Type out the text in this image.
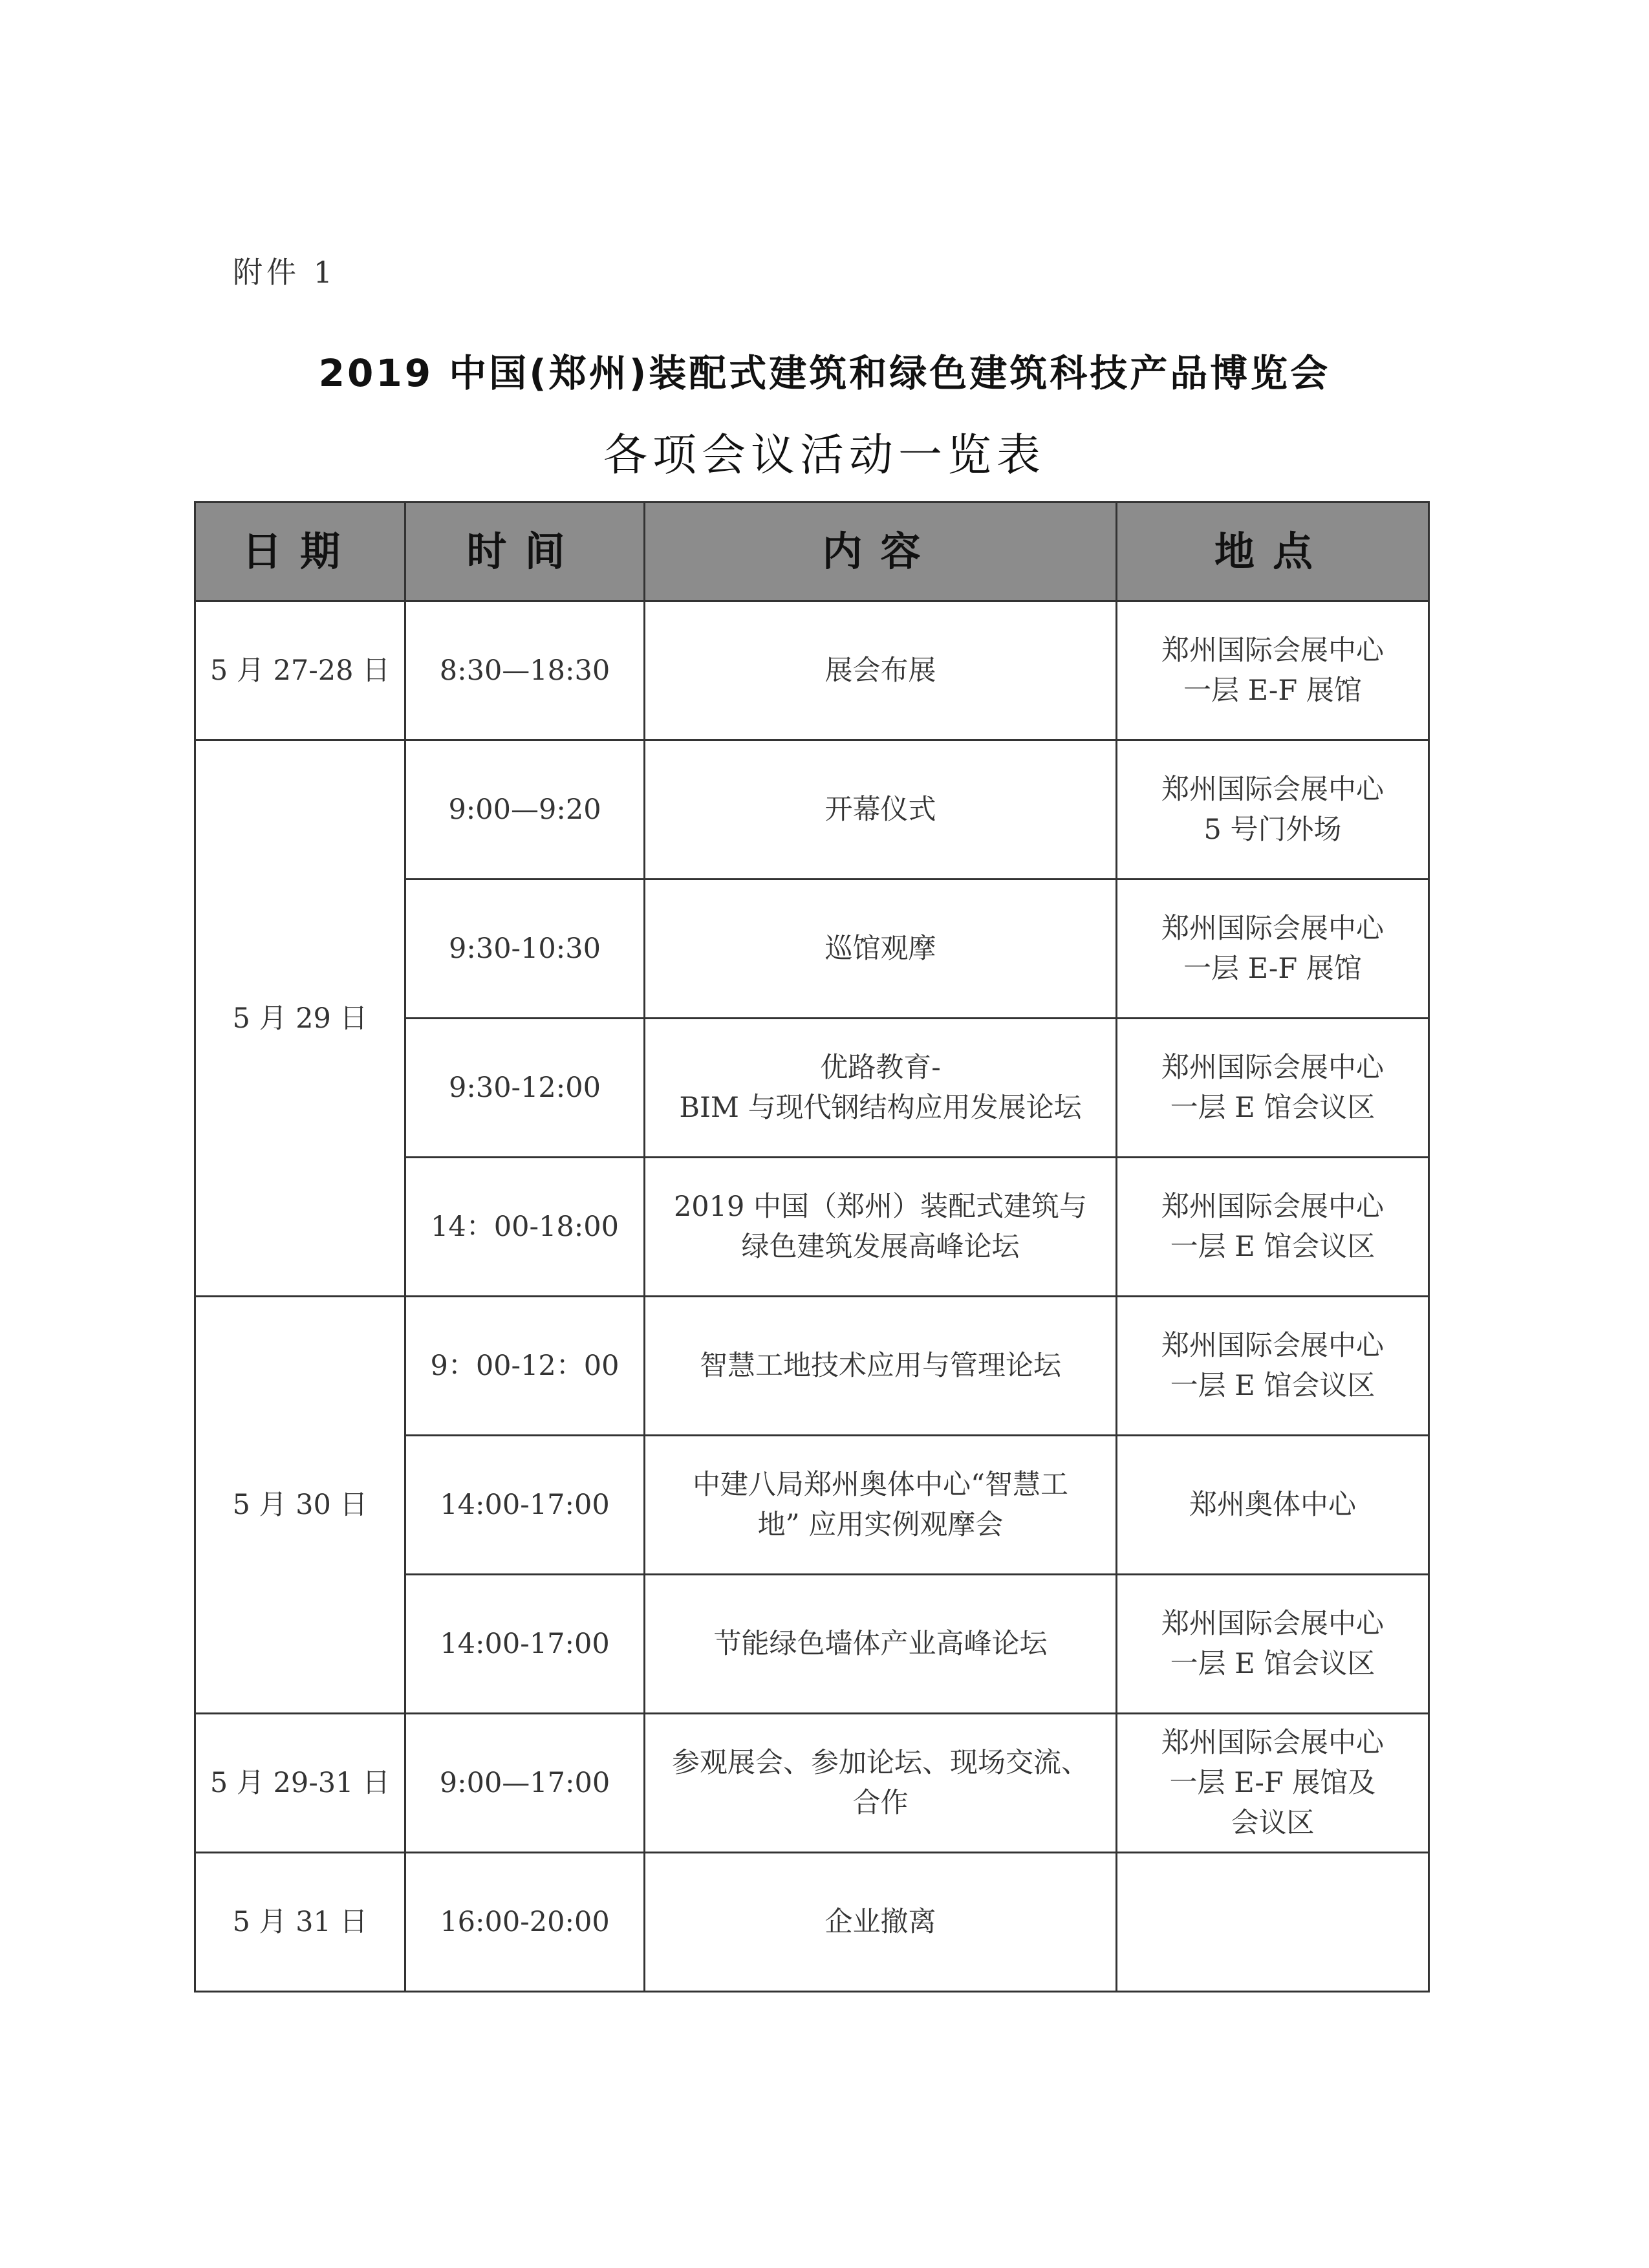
附件 1
2019 中国(郑州)装配式建筑和绿色建筑科技产品博览会
各项会议活动一览表
日期	时间	内容	地点
5 月 27-28 日	8:30—18:30	展会布展	郑州国际会展中心
一层 E-F 展馆

5 月 29 日	9:00—9:20	开幕仪式	郑州国际会展中心
5 号门外场

	9:30-10:30	巡馆观摩	郑州国际会展中心
一层 E-F 展馆

	9:30-12:00	优路教育-
BIM 与现代钢结构应用发展论坛	郑州国际会展中心
一层 E 馆会议区

	14：00-18:00	2019 中国（郑州）装配式建筑与
绿色建筑发展高峰论坛	郑州国际会展中心
一层 E 馆会议区

5 月 30 日	9：00-12：00	智慧工地技术应用与管理论坛	郑州国际会展中心
一层 E 馆会议区

	14:00-17:00	中建八局郑州奥体中心“智慧工
地” 应用实例观摩会	郑州奥体中心

	14:00-17:00	节能绿色墙体产业高峰论坛	郑州国际会展中心
一层 E 馆会议区

5 月 29-31 日	9:00—17:00	参观展会、参加论坛、现场交流、
合作	郑州国际会展中心
一层 E-F 展馆及
会议区

5 月 31 日	16:00-20:00	企业撤离	
